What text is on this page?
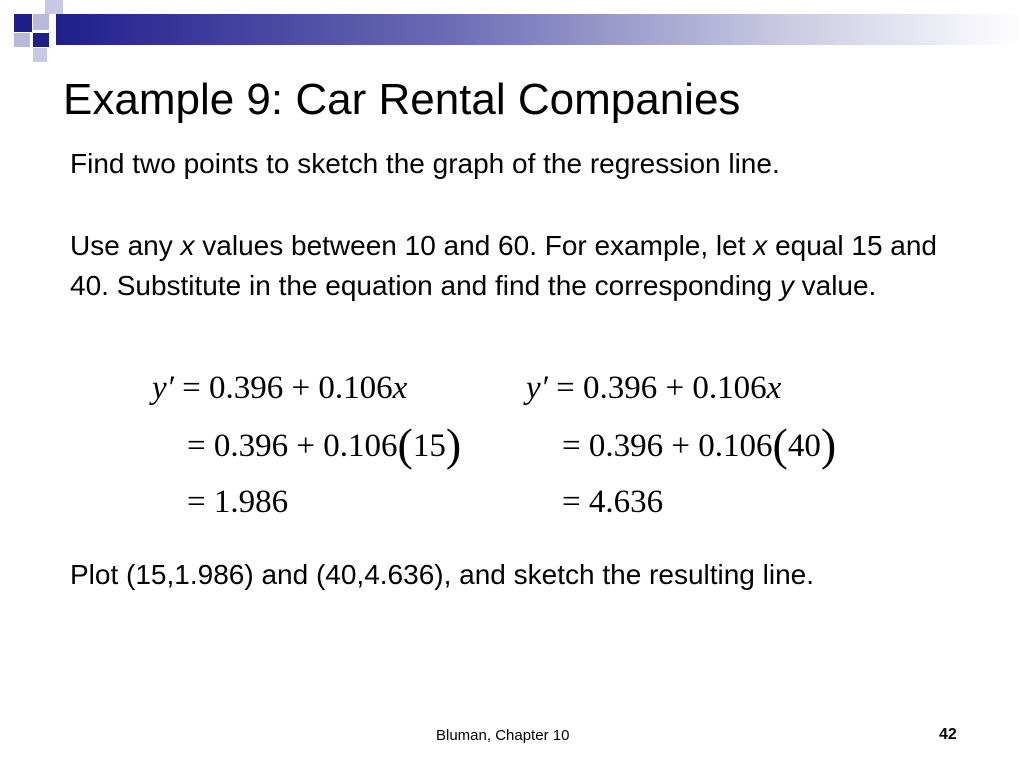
Example 9: Car Rental Companies

Find two points to sketch the graph of the regression line.

Use any x values between 10 and 60. For example, let x equal 15 and 40. Substitute in the equation and find the corresponding y value.

y′ = 0.396 + 0.106x
= 0.396 + 0.106(15)
= 1.986
y′ = 0.396 + 0.106x
= 0.396 + 0.106(40)
= 4.636

Plot (15,1.986) and (40,4.636), and sketch the resulting line.

Bluman, Chapter 10	42
